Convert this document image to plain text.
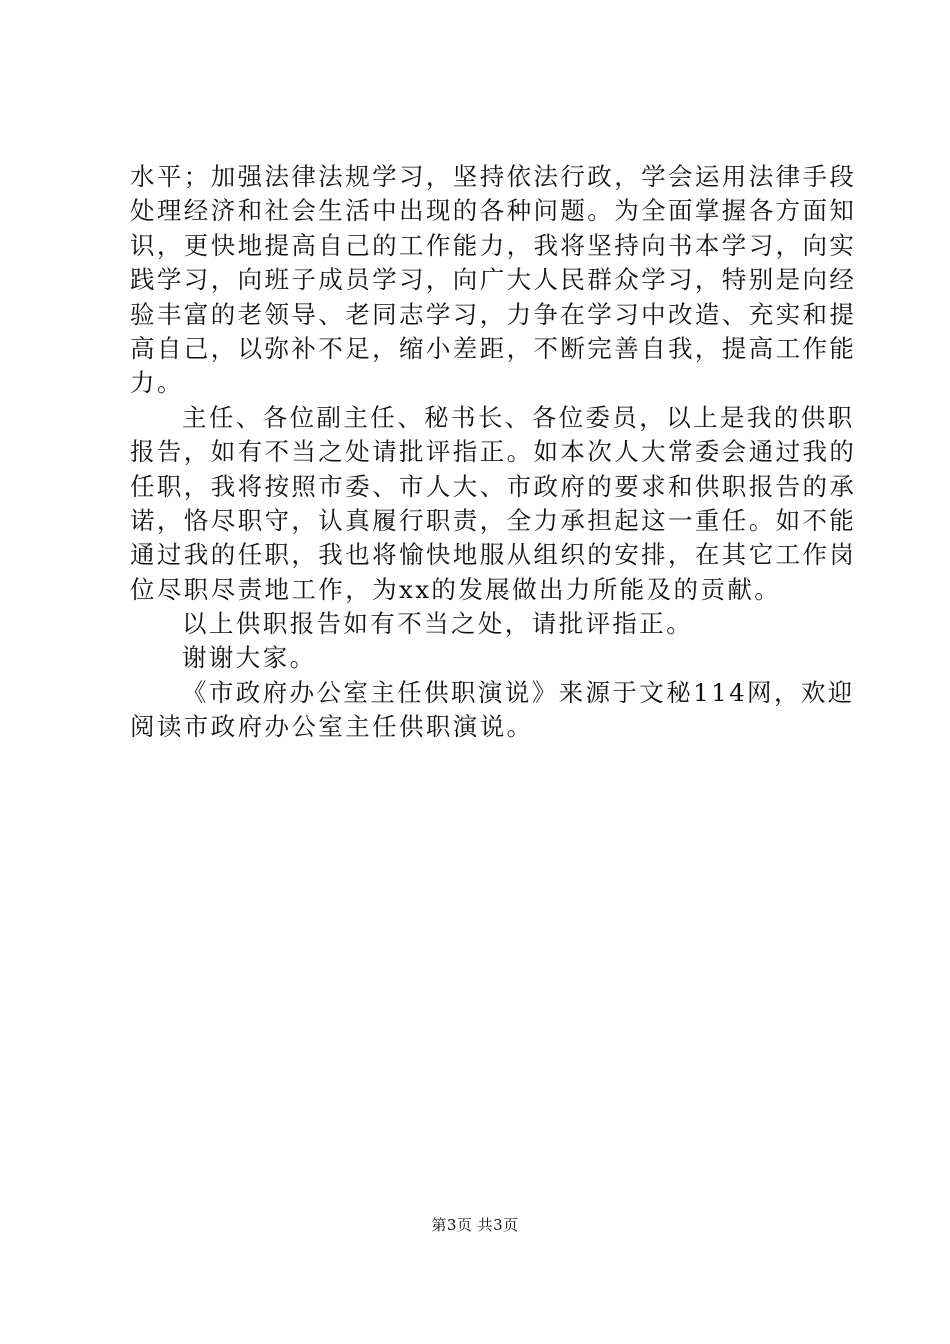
水平；加强法律法规学习，坚持依法行政，学会运用法律手段
处理经济和社会生活中出现的各种问题。为全面掌握各方面知
识，更快地提高自己的工作能力，我将坚持向书本学习，向实
践学习，向班子成员学习，向广大人民群众学习，特别是向经
验丰富的老领导、老同志学习，力争在学习中改造、充实和提
高自己，以弥补不足，缩小差距，不断完善自我，提高工作能
力。
主任、各位副主任、秘书长、各位委员，以上是我的供职
报告，如有不当之处请批评指正。如本次人大常委会通过我的
任职，我将按照市委、市人大、市政府的要求和供职报告的承
诺，恪尽职守，认真履行职责，全力承担起这一重任。如不能
通过我的任职，我也将愉快地服从组织的安排，在其它工作岗
位尽职尽责地工作，为xx的发展做出力所能及的贡献。
以上供职报告如有不当之处，请批评指正。
谢谢大家。
《市政府办公室主任供职演说》来源于文秘114网，欢迎
阅读市政府办公室主任供职演说。
第3页 共3页
